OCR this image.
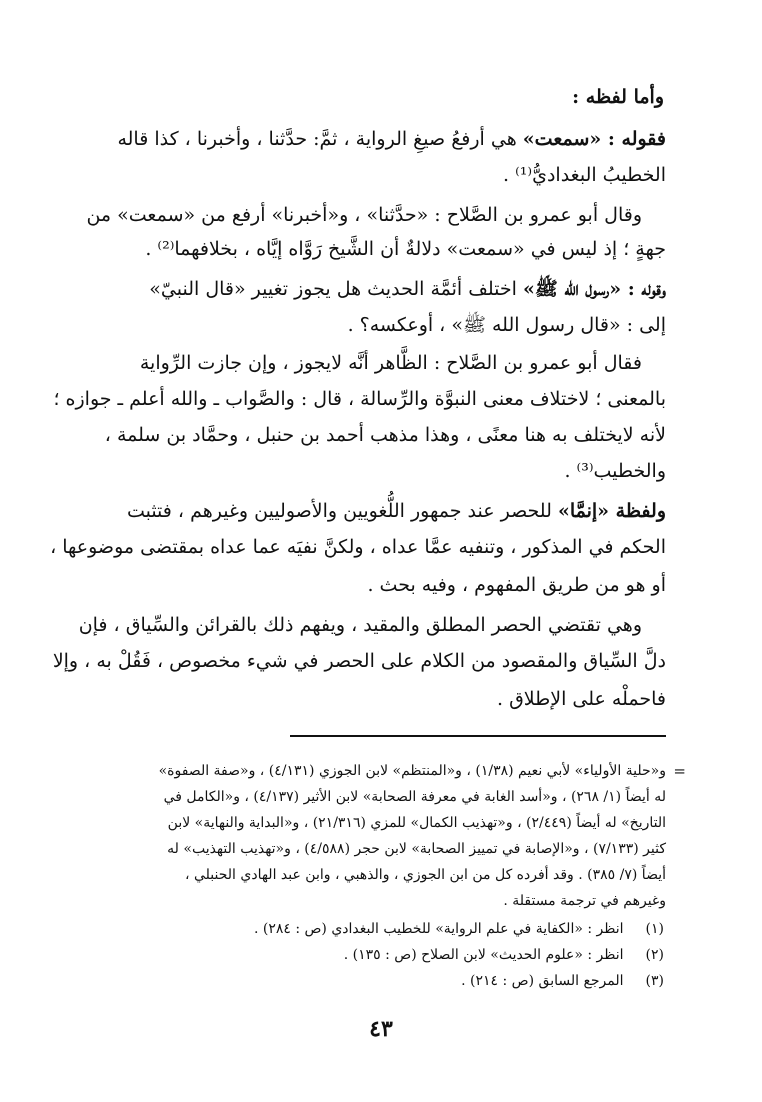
وأما لفظه :
فقوله : «سمعت» هي أرفعُ صيغِ الرواية ، ثمَّ: حدَّثنا ، وأخبرنا ، كذا قاله
الخطيبُ البغداديُّ⁽¹⁾ .
وقال أبو عمرو بن الصَّلاح : «حدَّثنا» ، و«أخبرنا» أرفع من «سمعت» من
جهةٍ ؛ إذ ليس في «سمعت» دلالةٌ أن الشَّيخ رَوَّاه إيَّاه ، بخلافهما⁽²⁾ .
وقوله : «رسول الله ﷺ» اختلف أئمَّة الحديث هل يجوز تغيير «قال النبيّ»
إلى : «قال رسول الله ﷺ» ، أوعكسه؟ .
فقال أبو عمرو بن الصَّلاح : الظَّاهر أنَّه لايجوز ، وإن جازت الرِّواية
بالمعنى ؛ لاختلاف معنى النبوَّة والرِّسالة ، قال : والصَّواب ـ والله أعلم ـ جوازه ؛
لأنه لايختلف به هنا معنًى ، وهذا مذهب أحمد بن حنبل ، وحمَّاد بن سلمة ،
والخطيب⁽³⁾ .
ولفظة «إنمَّا» للحصر عند جمهور اللُّغويين والأصوليين وغيرهم ، فتثبت
الحكم في المذكور ، وتنفيه عمَّا عداه ، ولكنَّ نفيَه عما عداه بمقتضى موضوعها ،
أو هو من طريق المفهوم ، وفيه بحث .
وهي تقتضي الحصر المطلق والمقيد ، ويفهم ذلك بالقرائن والسِّياق ، فإن
دلَّ السِّياق والمقصود من الكلام على الحصر في شيء مخصوص ، فَقُلْ به ، وإلا
فاحملْه على الإطلاق .
=
و«حلية الأولياء» لأبي نعيم (١/٣٨) ، و«المنتظم» لابن الجوزي (٤/١٣١) ، و«صفة الصفوة»
له أيضاً (١/ ٢٦٨) ، و«أسد الغابة في معرفة الصحابة» لابن الأثير (٤/١٣٧) ، و«الكامل في
التاريخ» له أيضاً (٢/٤٤٩) ، و«تهذيب الكمال» للمزي (٢١/٣١٦) ، و«البداية والنهاية» لابن
كثير (٧/١٣٣) ، و«الإصابة في تمييز الصحابة» لابن حجر (٤/٥٨٨) ، و«تهذيب التهذيب» له
أيضاً (٧/ ٣٨٥) . وقد أفرده كل من ابن الجوزي ، والذهبي ، وابن عبد الهادي الحنبلي ،
وغيرهم في ترجمة مستقلة .
(١)انظر : «الكفاية في علم الرواية» للخطيب البغدادي (ص : ٢٨٤) .
(٢)انظر : «علوم الحديث» لابن الصلاح (ص : ١٣٥) .
(٣)المرجع السابق (ص : ٢١٤) .
٤٣
